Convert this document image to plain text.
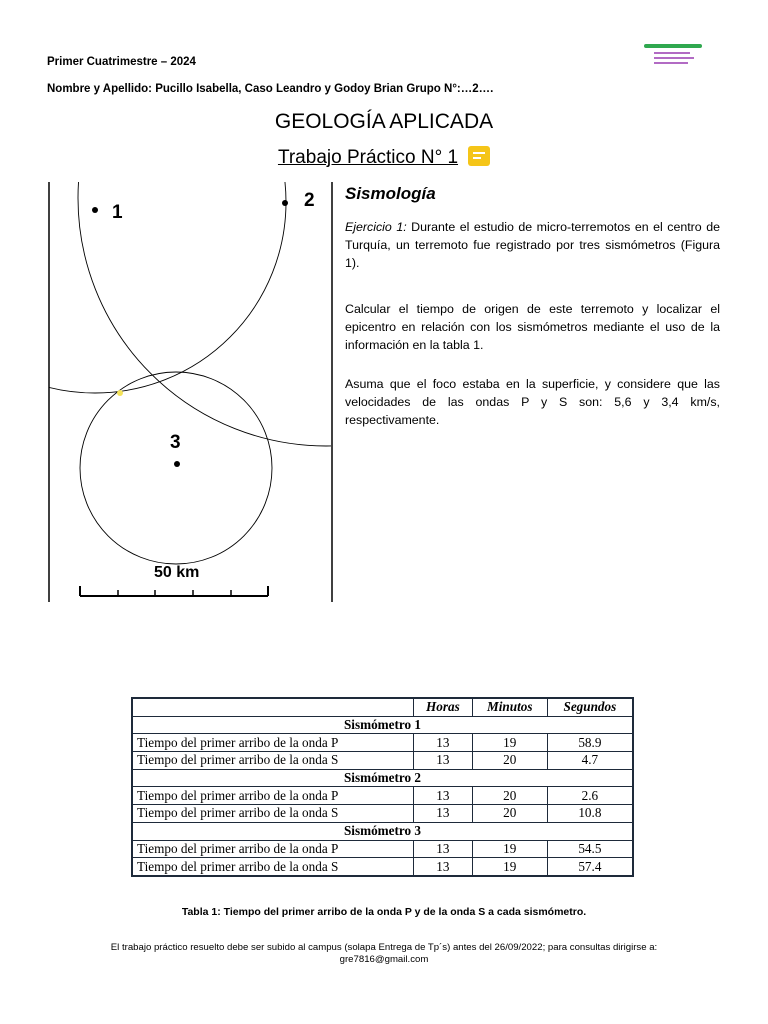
Primer Cuatrimestre – 2024
Nombre y Apellido: Pucillo Isabella, Caso Leandro y Godoy Brian Grupo N°:…2….
GEOLOGÍA APLICADA
Trabajo Práctico N° 1
1
2
3
50 km
Sismología
Ejercicio 1: Durante el estudio de micro-terremotos en el centro de Turquía, un terremoto fue registrado por tres sismómetros (Figura 1).
Calcular el tiempo de origen de este terremoto y localizar el epicentro en relación con los sismómetros mediante el uso de la información en la tabla 1.
Asuma que el foco estaba en la superficie, y considere que las velocidades de las ondas P y S son: 5,6 y 3,4 km/s, respectivamente.
	Horas	Minutos	Segundos
Sismómetro 1			
Tiempo del primer arribo de la onda P	13	19	58.9
Tiempo del primer arribo de la onda S	13	20	4.7
Sismómetro 2			
Tiempo del primer arribo de la onda P	13	20	2.6
Tiempo del primer arribo de la onda S	13	20	10.8
Sismómetro 3			
Tiempo del primer arribo de la onda P	13	19	54.5
Tiempo del primer arribo de la onda S	13	19	57.4
Tabla 1: Tiempo del primer arribo de la onda P y de la onda S a cada sismómetro.
El trabajo práctico resuelto debe ser subido al campus (solapa Entrega de Tp´s) antes del 26/09/2022; para consultas dirigirse a:
gre7816@gmail.com
